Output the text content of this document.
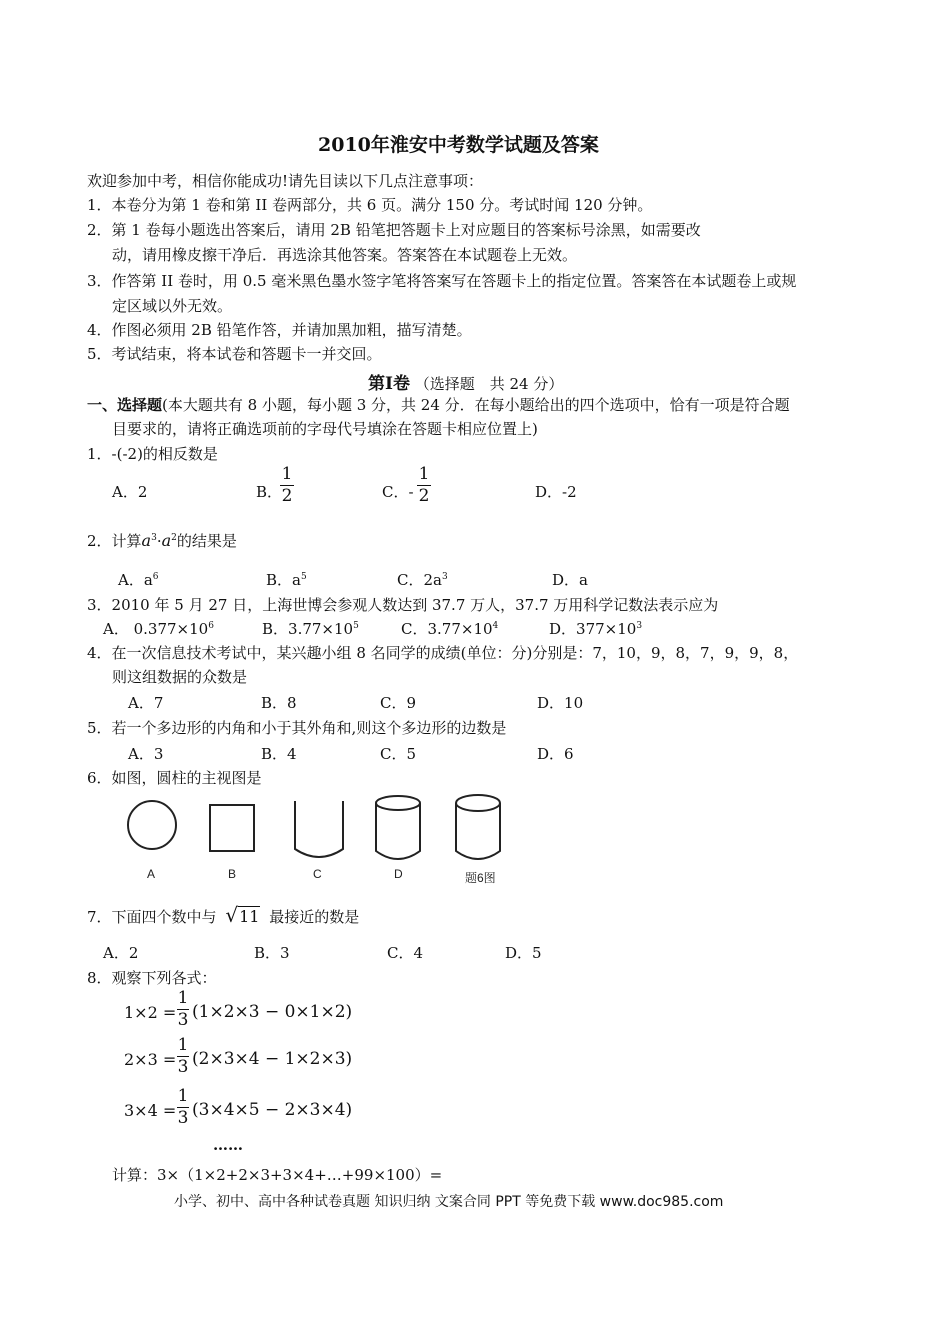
2010年淮安中考数学试题及答案
欢迎参加中考，相信你能成功!请先目读以下几点注意事项：
1．本卷分为第 1 卷和第 II 卷两部分，共 6 页。满分 150 分。考试时闻 120 分钟。
2．第 1 卷每小题选出答案后，请用 2B 铅笔把答题卡上对应题目的答案标号涂黑，如需要改
动，请用橡皮擦干净后．再选涂其他答案。答案答在本试题卷上无效。
3．作答第 II 卷时，用 0.5 毫米黑色墨水签字笔将答案写在答题卡上的指定位置。答案答在本试题卷上或规
定区域以外无效。
4．作图必须用 2B 铅笔作答，并请加黑加粗，描写清楚。
5．考试结束，将本试卷和答题卡一并交回。
第Ⅰ卷 （选择题　共 24 分）
一、选择题(本大题共有 8 小题，每小题 3 分，共 24 分．在每小题给出的四个选项中，恰有一项是符合题
目要求的，请将正确选项前的字母代号填涂在答题卡相应位置上)
1．-(-2)的相反数是
A．2	B．
1
2	C．-
1
2	D．-2
2．计算$a^3\cdot a^2$的结果是
A．$a^6$	B．$a^5$	C．$2a^3$	D．a
3．2010 年 5 月 27 日，上海世博会参观人数达到 37.7 万人，37.7 万用科学记数法表示应为
A． $0.377\times 10^6$	B．$3.77\times 10^5$	C．$3.77\times 10^4$	D．$377\times 10^3$
4．在一次信息技术考试中，某兴趣小组 8 名同学的成绩(单位：分)分别是：7，10，9，8，7，9，9，8，
则这组数据的众数是
A．7	B．8	C．9	D．10
5．若一个多边形的内角和小于其外角和,则这个多边形的边数是
A．3	B．4	C．5	D．6
6．如图，圆柱的主视图是
A	B	C	D	题6图
7．下面四个数中与 √11 最接近的数是
A．2	B．3	C．4	D．5
8．观察下列各式：
1×2 =
1
3 (1×2×3 − 0×1×2)
2×3 =
1
3 (2×3×4 − 1×2×3)
3×4 =
1
3 (3×4×5 − 2×3×4)
……
计算：3×（1×2+2×3+3×4+…+99×100）=
小学、初中、高中各种试卷真题 知识归纳 文案合同 PPT 等免费下载 www.doc985.com
